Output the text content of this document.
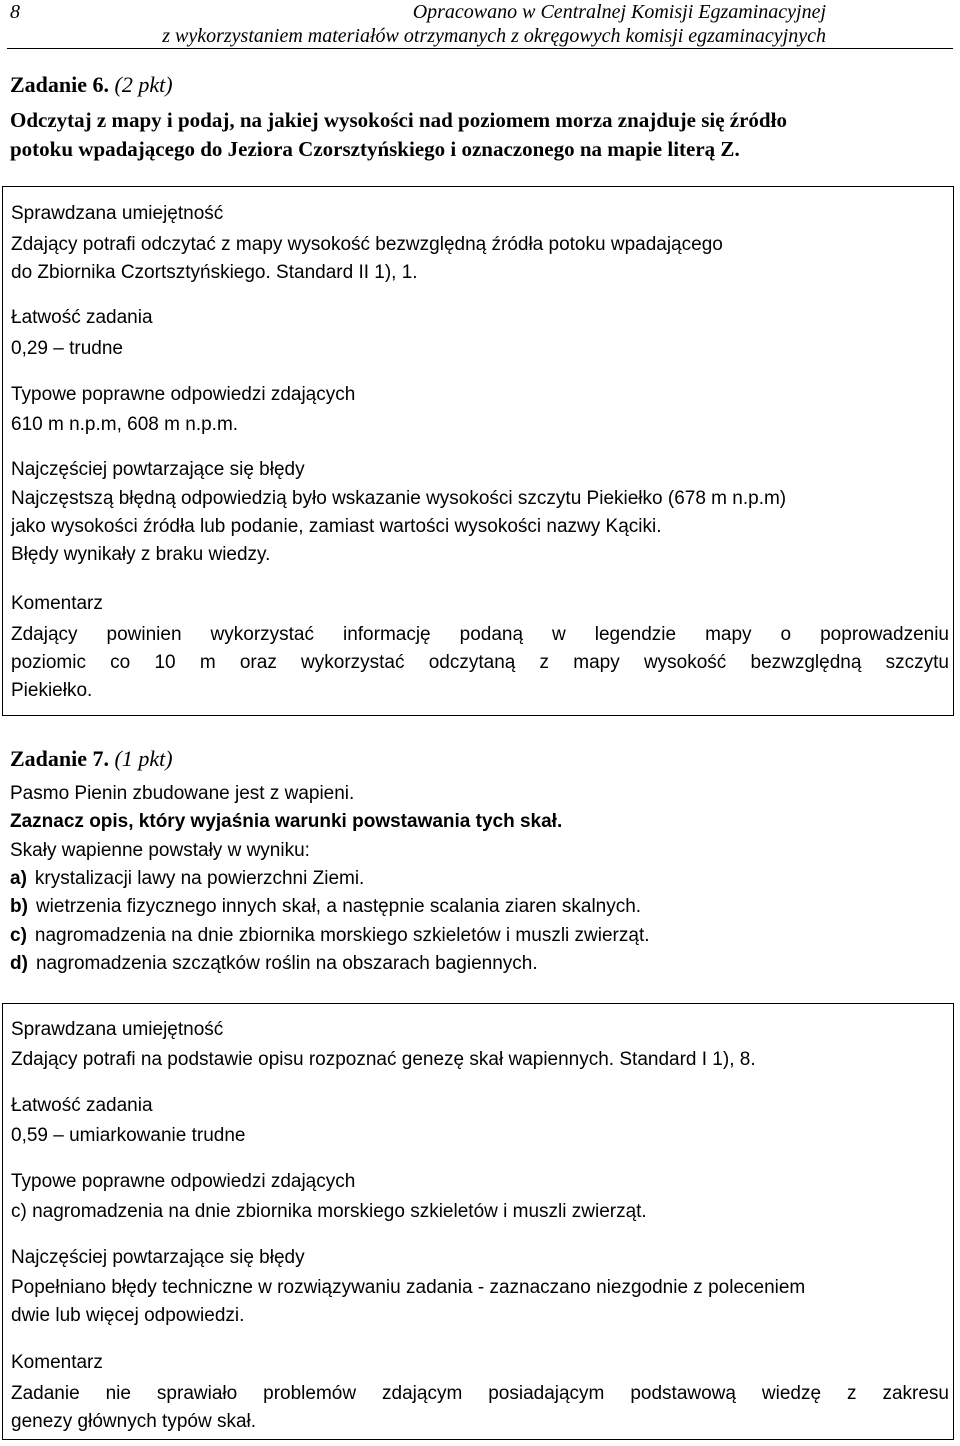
8	Opracowano w Centralnej Komisji Egzaminacyjnej
z wykorzystaniem materiałów otrzymanych z okręgowych komisji egzaminacyjnych
Zadanie 6. (2 pkt)
Odczytaj z mapy i podaj, na jakiej wysokości nad poziomem morza znajduje się źródło
potoku wpadającego do Jeziora Czorsztyńskiego i oznaczonego na mapie literą Z.
Sprawdzana umiejętność
Zdający potrafi odczytać z mapy wysokość bezwzględną źródła potoku wpadającego
do Zbiornika Czortsztyńskiego. Standard II 1), 1.
Łatwość zadania
0,29 – trudne
Typowe poprawne odpowiedzi zdających
610 m n.p.m, 608 m n.p.m.
Najczęściej powtarzające się błędy
Najczęstszą błędną odpowiedzią było wskazanie wysokości szczytu Piekiełko (678 m n.p.m)
jako wysokości źródła lub podanie, zamiast wartości wysokości nazwy Kąciki.
Błędy wynikały z braku wiedzy.
Komentarz
Zdający powinien wykorzystać informację podaną w legendzie mapy o poprowadzeniu
poziomic co 10 m oraz wykorzystać odczytaną z mapy wysokość bezwzględną szczytu
Piekiełko.
Zadanie 7. (1 pkt)
Pasmo Pienin zbudowane jest z wapieni.
Zaznacz opis, który wyjaśnia warunki powstawania tych skał.
Skały wapienne powstały w wyniku:
a) krystalizacji lawy na powierzchni Ziemi.
b) wietrzenia fizycznego innych skał, a następnie scalania ziaren skalnych.
c) nagromadzenia na dnie zbiornika morskiego szkieletów i muszli zwierząt.
d) nagromadzenia szczątków roślin na obszarach bagiennych.
Sprawdzana umiejętność
Zdający potrafi na podstawie opisu rozpoznać genezę skał wapiennych. Standard I 1), 8.
Łatwość zadania
0,59 – umiarkowanie trudne
Typowe poprawne odpowiedzi zdających
c) nagromadzenia na dnie zbiornika morskiego szkieletów i muszli zwierząt.
Najczęściej powtarzające się błędy
Popełniano błędy techniczne w rozwiązywaniu zadania - zaznaczano niezgodnie z poleceniem
dwie lub więcej odpowiedzi.
Komentarz
Zadanie nie sprawiało problemów zdającym posiadającym podstawową wiedzę z zakresu
genezy głównych typów skał.
